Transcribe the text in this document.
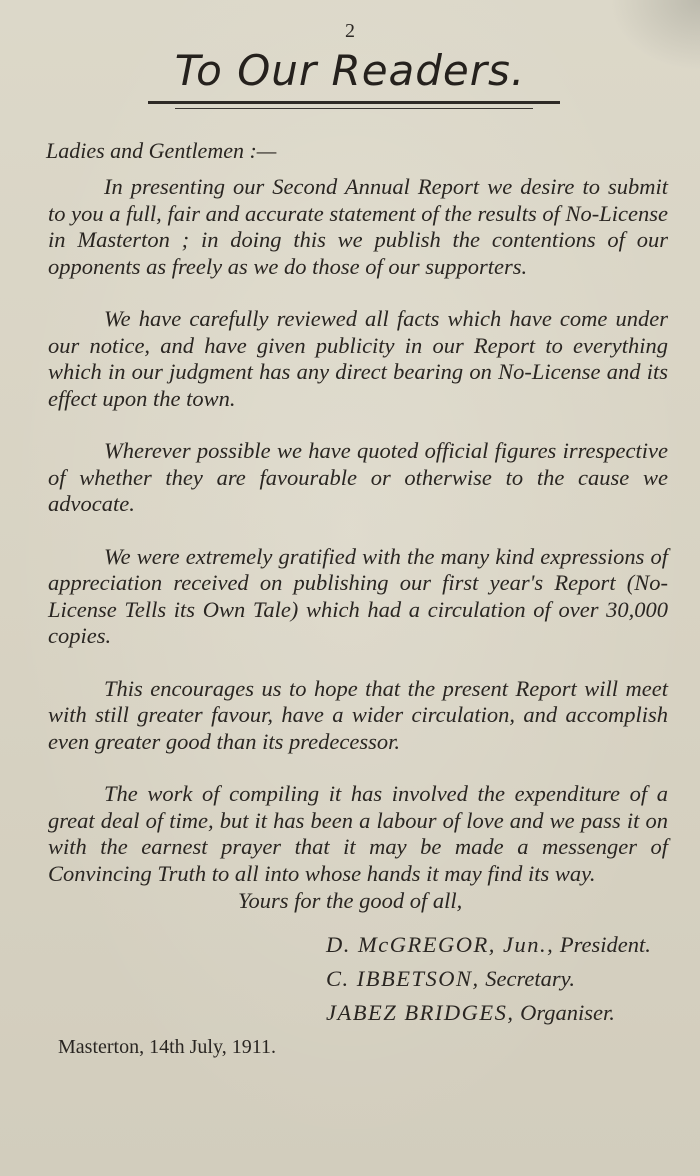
2
To Our Readers.
Ladies and Gentlemen :—

In presenting our Second Annual Report we desire to submit to you a full, fair and accurate statement of the results of No-License in Masterton ; in doing this we publish the contentions of our opponents as freely as we do those of our supporters.

We have carefully reviewed all facts which have come under our notice, and have given publicity in our Report to everything which in our judgment has any direct bearing on No-License and its effect upon the town.

Wherever possible we have quoted official figures irrespective of whether they are favourable or otherwise to the cause we advocate.

We were extremely gratified with the many kind expressions of appreciation received on publishing our first year's Report (No-License Tells its Own Tale) which had a circulation of over 30,000 copies.

This encourages us to hope that the present Report will meet with still greater favour, have a wider circulation, and accomplish even greater good than its predecessor.

The work of compiling it has involved the expenditure of a great deal of time, but it has been a labour of love and we pass it on with the earnest prayer that it may be made a messenger of Convincing Truth to all into whose hands it may find its way.

Yours for the good of all,
D. McGREGOR, Jun., President.
C. IBBETSON, Secretary.
JABEZ BRIDGES, Organiser.
Masterton, 14th July, 1911.
